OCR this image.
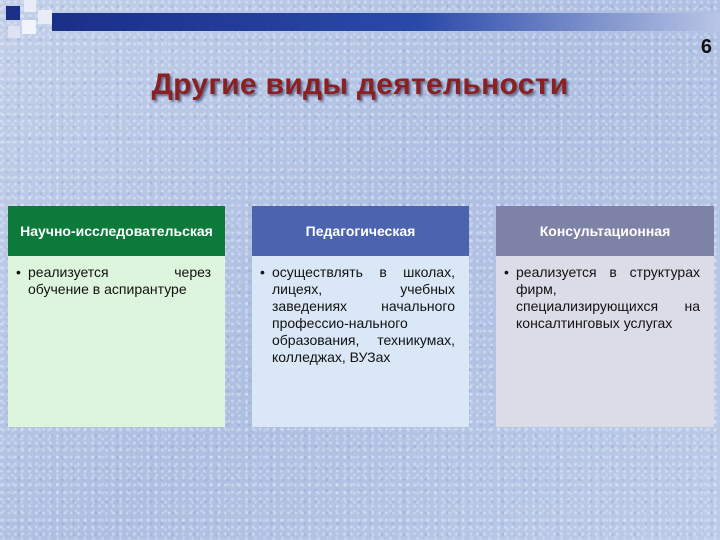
6
Другие виды деятельности
Научно-исследовательская
• реализуется через обучение в аспирантуре
Педагогическая
• осуществлять в школах, лицеях, учебных заведениях начального профессио-нального образования, техникумах, колледжах, ВУЗах
Консультационная
• реализуется в структурах фирм, специализирующихся на консалтинговых услугах
